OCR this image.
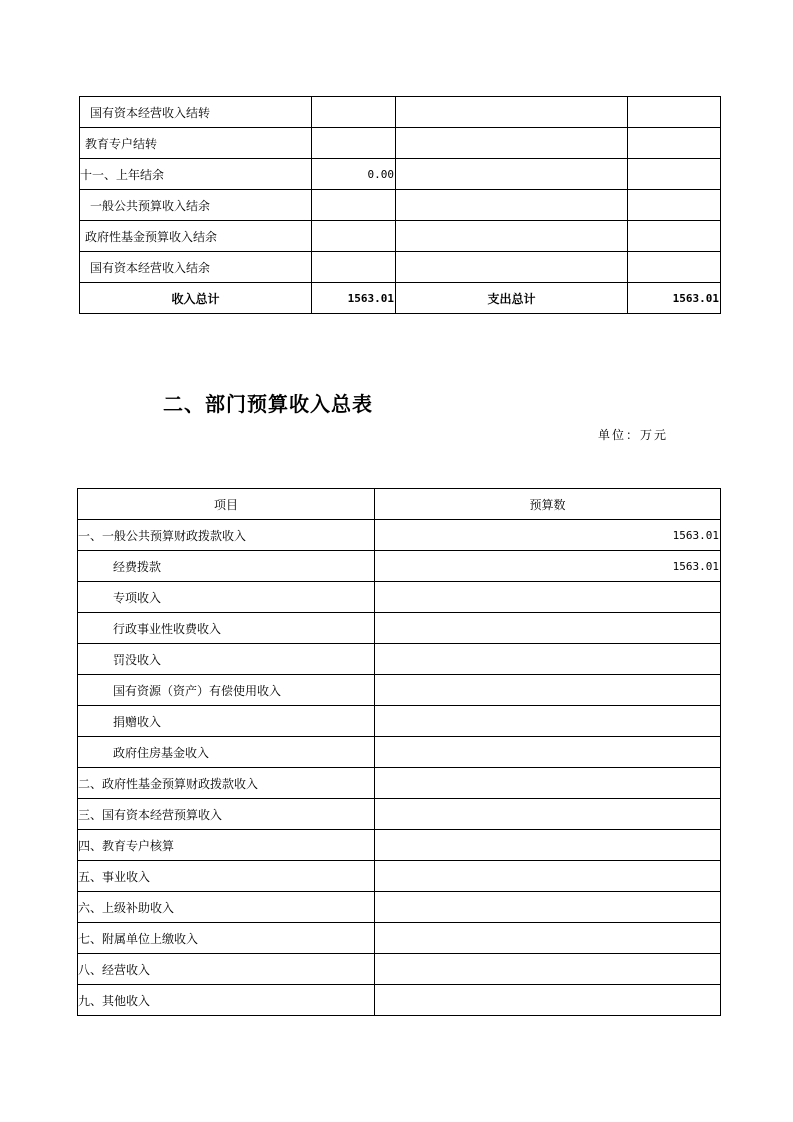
国有资本经营收入结转			
教育专户结转			
十一、上年结余	0.00		
一般公共预算收入结余			
政府性基金预算收入结余			
国有资本经营收入结余			
收入总计	1563.01	支出总计	1563.01
二、部门预算收入总表
单位：万元
项目	预算数
一、一般公共预算财政拨款收入	1563.01
经费拨款	1563.01
专项收入	
行政事业性收费收入	
罚没收入	
国有资源（资产）有偿使用收入	
捐赠收入	
政府住房基金收入	
二、政府性基金预算财政拨款收入	
三、国有资本经营预算收入	
四、教育专户核算	
五、事业收入	
六、上级补助收入	
七、附属单位上缴收入	
八、经营收入	
九、其他收入	
